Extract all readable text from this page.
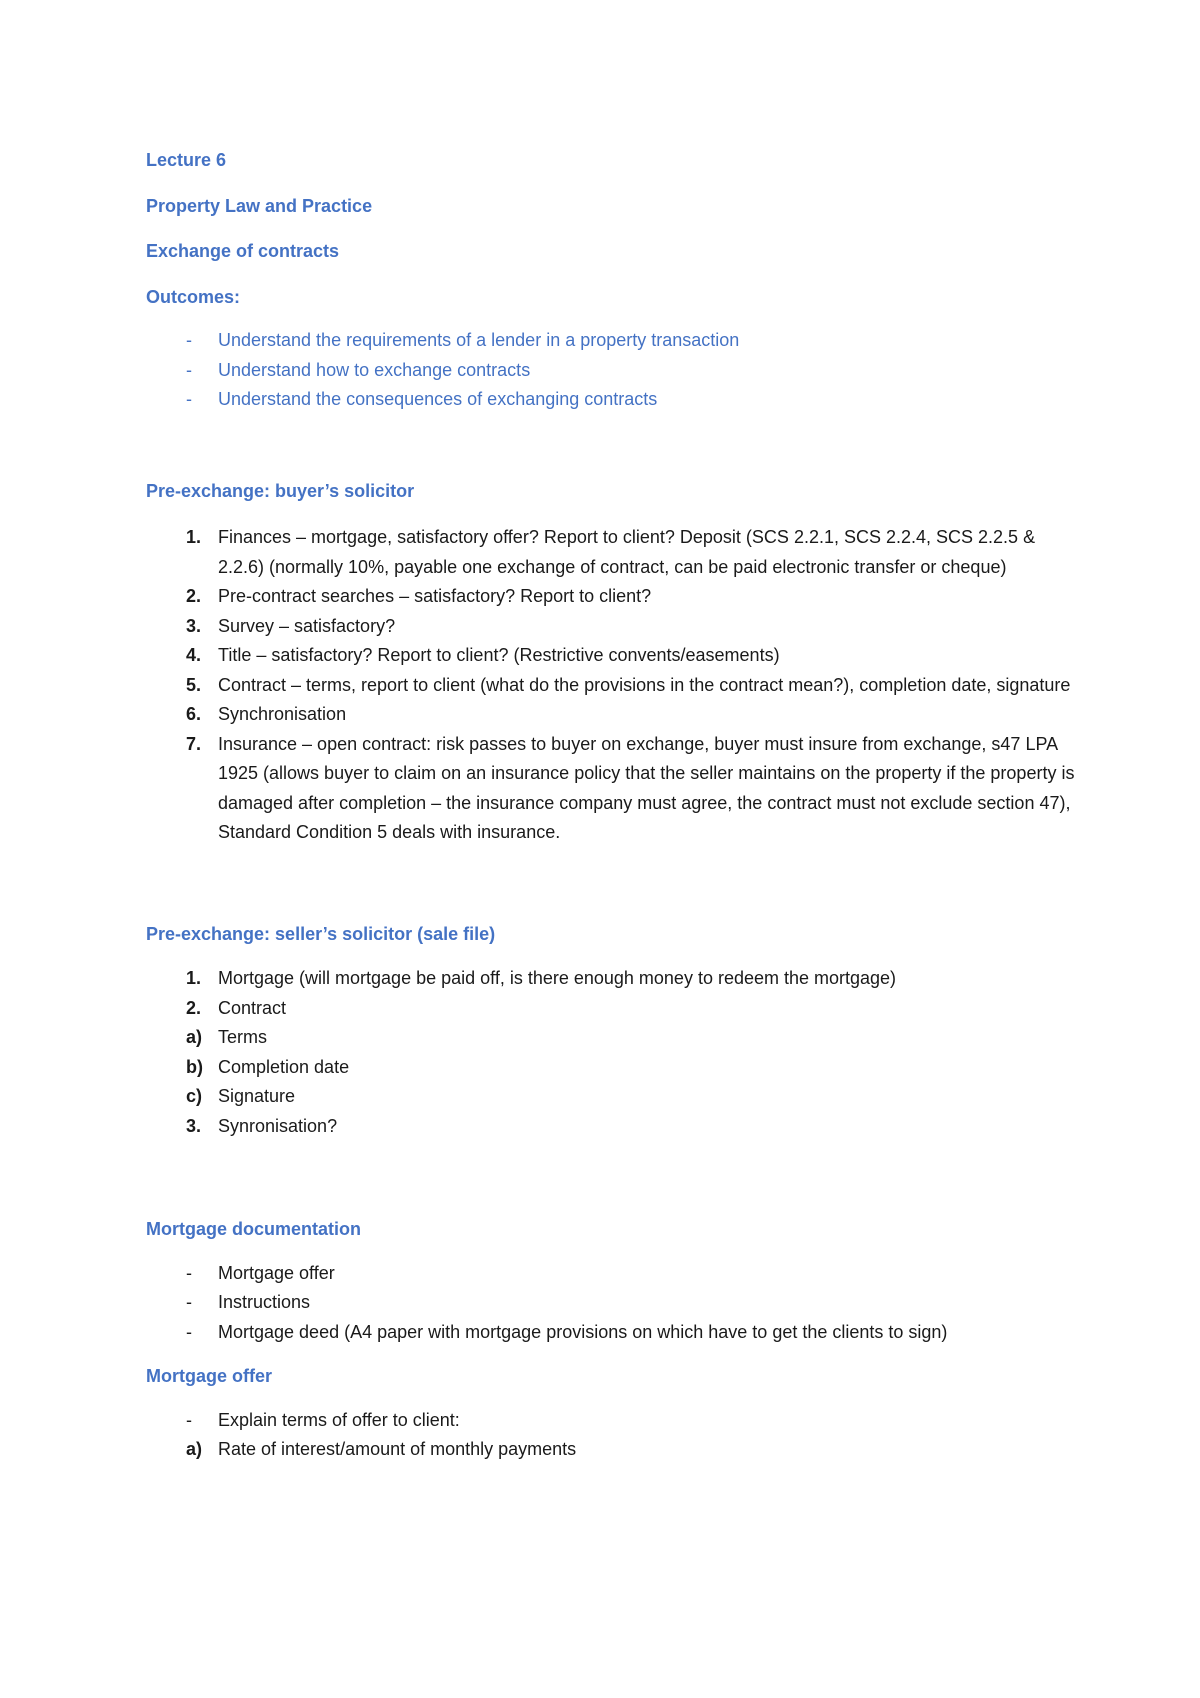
Lecture 6

Property Law and Practice

Exchange of contracts

Outcomes:

-	Understand the requirements of a lender in a property transaction
-	Understand how to exchange contracts
-	Understand the consequences of exchanging contracts

Pre-exchange: buyer’s solicitor

1. Finances – mortgage, satisfactory offer? Report to client? Deposit (SCS 2.2.1, SCS 2.2.4, SCS 2.2.5 & 2.2.6) (normally 10%, payable one exchange of contract, can be paid electronic transfer or cheque)
2. Pre-contract searches – satisfactory? Report to client?
3. Survey – satisfactory?
4. Title – satisfactory? Report to client? (Restrictive convents/easements)
5. Contract – terms, report to client (what do the provisions in the contract mean?), completion date, signature
6. Synchronisation
7. Insurance – open contract: risk passes to buyer on exchange, buyer must insure from exchange, s47 LPA 1925 (allows buyer to claim on an insurance policy that the seller maintains on the property if the property is damaged after completion – the insurance company must agree, the contract must not exclude section 47), Standard Condition 5 deals with insurance.

Pre-exchange: seller’s solicitor (sale file)

1. Mortgage (will mortgage be paid off, is there enough money to redeem the mortgage)
2. Contract
a) Terms
b) Completion date
c) Signature
3. Synronisation?

Mortgage documentation

-	Mortgage offer
-	Instructions
-	Mortgage deed (A4 paper with mortgage provisions on which have to get the clients to sign)

Mortgage offer

-	Explain terms of offer to client:
a) Rate of interest/amount of monthly payments
